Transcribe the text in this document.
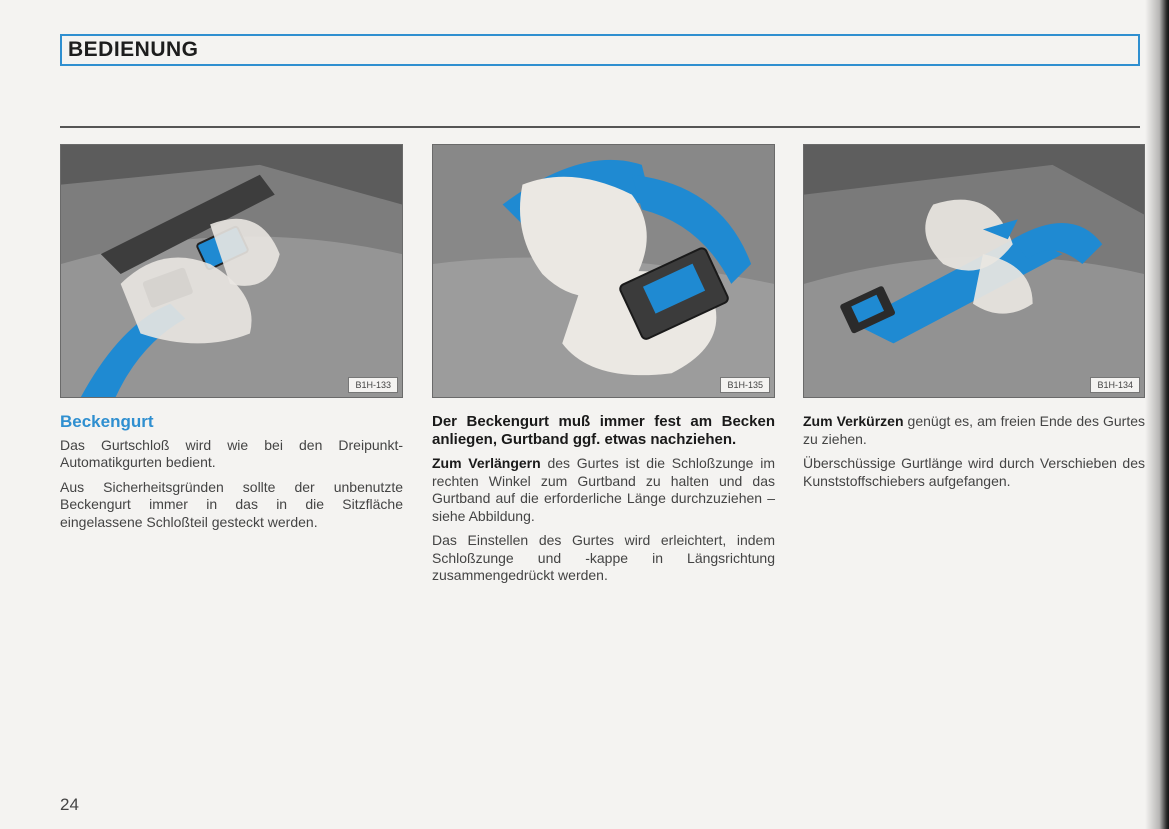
BEDIENUNG
B1H-133	B1H-135	B1H-134
Beckengurt

Das Gurtschloß wird wie bei den Dreipunkt-Automatikgurten bedient.

Aus Sicherheitsgründen sollte der unbenutzte Beckengurt immer in das in die Sitzfläche eingelassene Schloßteil gesteckt werden.

Der Beckengurt muß immer fest am Becken anliegen, Gurtband ggf. etwas nachziehen.

Zum Verlängern des Gurtes ist die Schloßzunge im rechten Winkel zum Gurtband zu halten und das Gurtband auf die erforderliche Länge durchzuziehen – siehe Abbildung.

Das Einstellen des Gurtes wird erleichtert, indem Schloßzunge und -kappe in Längsrichtung zusammengedrückt werden.

Zum Verkürzen genügt es, am freien Ende des Gurtes zu ziehen.

Überschüssige Gurtlänge wird durch Verschieben des Kunststoffschiebers aufgefangen.

24
